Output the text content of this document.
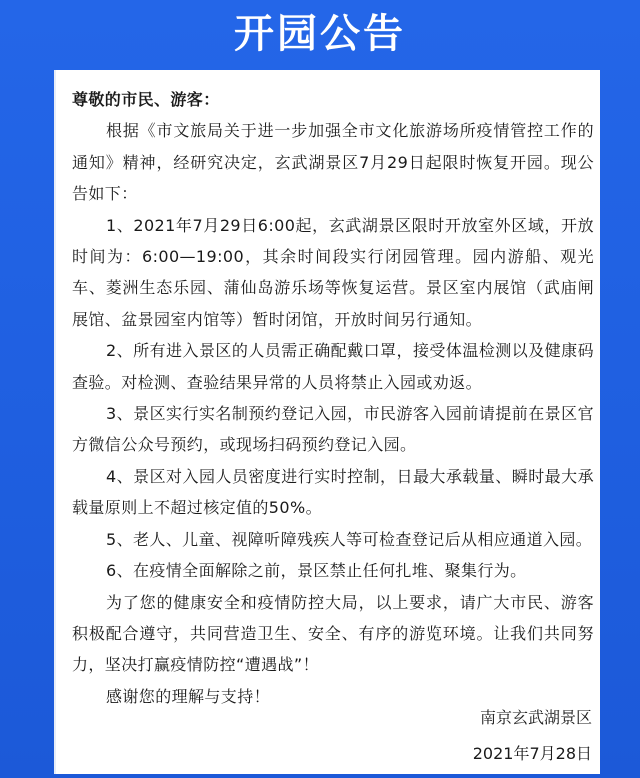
开园公告

尊敬的市民、游客：

根据《市文旅局关于进一步加强全市文化旅游场所疫情管控工作的通知》精神，经研究决定，玄武湖景区7月29日起限时恢复开园。现公告如下：

1、2021年7月29日6:00起，玄武湖景区限时开放室外区域，开放时间为：6:00—19:00，其余时间段实行闭园管理。园内游船、观光车、菱洲生态乐园、蒲仙岛游乐场等恢复运营。景区室内展馆（武庙闸展馆、盆景园室内馆等）暂时闭馆，开放时间另行通知。

2、所有进入景区的人员需正确配戴口罩，接受体温检测以及健康码查验。对检测、查验结果异常的人员将禁止入园或劝返。

3、景区实行实名制预约登记入园，市民游客入园前请提前在景区官方微信公众号预约，或现场扫码预约登记入园。

4、景区对入园人员密度进行实时控制，日最大承载量、瞬时最大承载量原则上不超过核定值的50%。

5、老人、儿童、视障听障残疾人等可检查登记后从相应通道入园。

6、在疫情全面解除之前，景区禁止任何扎堆、聚集行为。

为了您的健康安全和疫情防控大局，以上要求，请广大市民、游客积极配合遵守，共同营造卫生、安全、有序的游览环境。让我们共同努力，坚决打赢疫情防控“遭遇战”！

感谢您的理解与支持！

南京玄武湖景区
2021年7月28日
